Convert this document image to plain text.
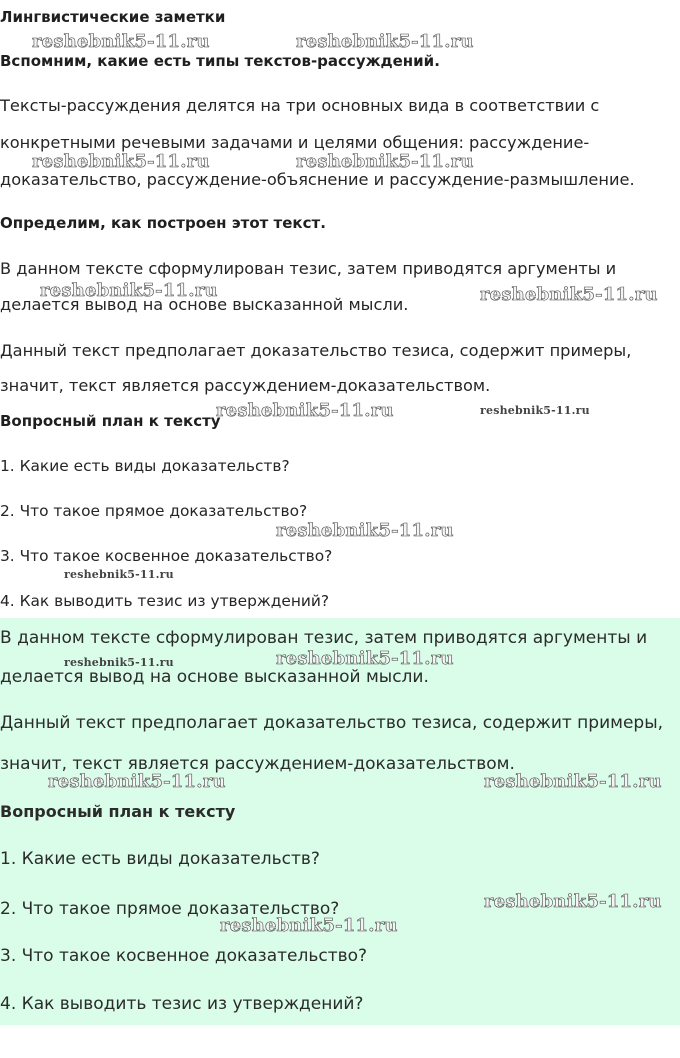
Лингвистические заметки

Вспомним, какие есть типы текстов-рассуждений.

Тексты-рассуждения делятся на три основных вида в соответствии с

конкретными речевыми задачами и целями общения: рассуждение-

доказательство, рассуждение-объяснение и рассуждение-размышление.

Определим, как построен этот текст.

В данном тексте сформулирован тезис, затем приводятся аргументы и

делается вывод на основе высказанной мысли.

Данный текст предполагает доказательство тезиса, содержит примеры,

значит, текст является рассуждением-доказательством.

Вопросный план к тексту

1. Какие есть виды доказательств?

2. Что такое прямое доказательство?

3. Что такое косвенное доказательство?

4. Как выводить тезис из утверждений?

В данном тексте сформулирован тезис, затем приводятся аргументы и

делается вывод на основе высказанной мысли.

Данный текст предполагает доказательство тезиса, содержит примеры,

значит, текст является рассуждением-доказательством.

Вопросный план к тексту

1. Какие есть виды доказательств?

2. Что такое прямое доказательство?

3. Что такое косвенное доказательство?

4. Как выводить тезис из утверждений?

reshebnik5-11.ru	reshebnik5-11.ru
reshebnik5-11.ru	reshebnik5-11.ru
reshebnik5-11.ru	reshebnik5-11.ru
reshebnik5-11.ru	reshebnik5-11.ru
reshebnik5-11.ru
reshebnik5-11.ru
reshebnik5-11.ru	reshebnik5-11.ru
reshebnik5-11.ru	reshebnik5-11.ru
reshebnik5-11.ru
reshebnik5-11.ru
